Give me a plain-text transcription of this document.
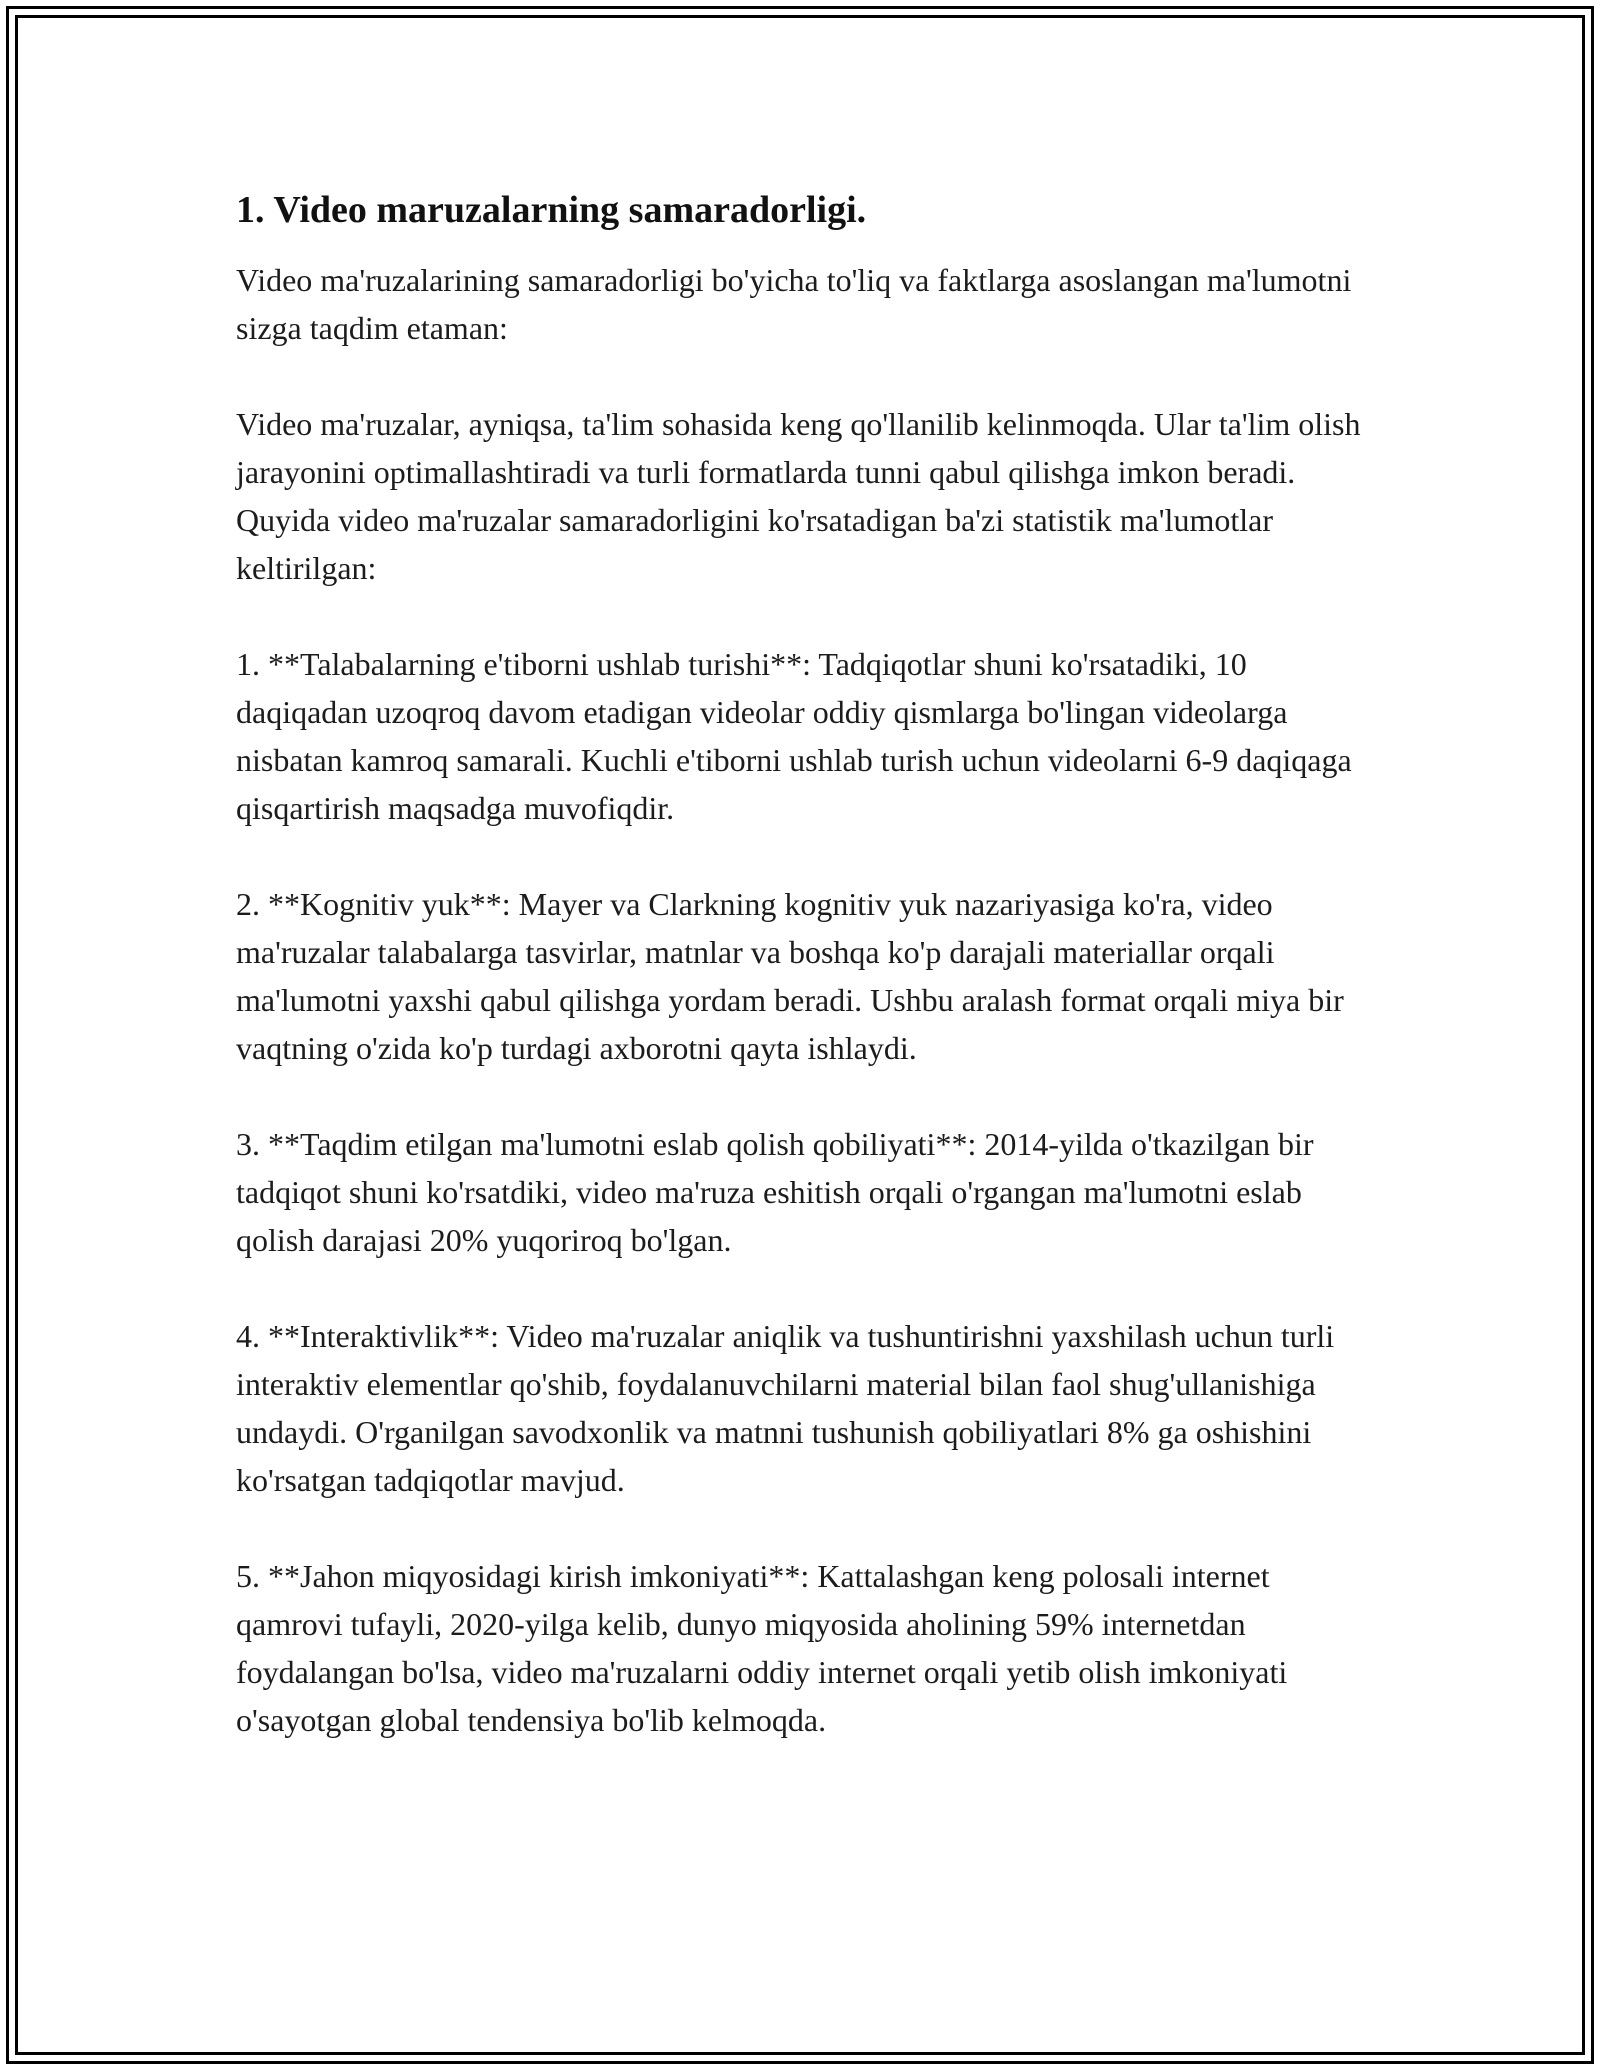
1. Video maruzalarning samaradorligi.

Video ma'ruzalarining samaradorligi bo'yicha to'liq va faktlarga asoslangan ma'lumotni sizga taqdim etaman:

Video ma'ruzalar, ayniqsa, ta'lim sohasida keng qo'llanilib kelinmoqda. Ular ta'lim olish jarayonini optimallashtiradi va turli formatlarda tunni qabul qilishga imkon beradi. Quyida video ma'ruzalar samaradorligini ko'rsatadigan ba'zi statistik ma'lumotlar keltirilgan:

1. **Talabalarning e'tiborni ushlab turishi**: Tadqiqotlar shuni ko'rsatadiki, 10 daqiqadan uzoqroq davom etadigan videolar oddiy qismlarga bo'lingan videolarga nisbatan kamroq samarali. Kuchli e'tiborni ushlab turish uchun videolarni 6-9 daqiqaga qisqartirish maqsadga muvofiqdir.

2. **Kognitiv yuk**: Mayer va Clarkning kognitiv yuk nazariyasiga ko'ra, video ma'ruzalar talabalarga tasvirlar, matnlar va boshqa ko'p darajali materiallar orqali ma'lumotni yaxshi qabul qilishga yordam beradi. Ushbu aralash format orqali miya bir vaqtning o'zida ko'p turdagi axborotni qayta ishlaydi.

3. **Taqdim etilgan ma'lumotni eslab qolish qobiliyati**: 2014-yilda o'tkazilgan bir tadqiqot shuni ko'rsatdiki, video ma'ruza eshitish orqali o'rgangan ma'lumotni eslab qolish darajasi 20% yuqoriroq bo'lgan.

4. **Interaktivlik**: Video ma'ruzalar aniqlik va tushuntirishni yaxshilash uchun turli interaktiv elementlar qo'shib, foydalanuvchilarni material bilan faol shug'ullanishiga undaydi. O'rganilgan savodxonlik va matnni tushunish qobiliyatlari 8% ga oshishini ko'rsatgan tadqiqotlar mavjud.

5. **Jahon miqyosidagi kirish imkoniyati**: Kattalashgan keng polosali internet qamrovi tufayli, 2020-yilga kelib, dunyo miqyosida aholining 59% internetdan foydalangan bo'lsa, video ma'ruzalarni oddiy internet orqali yetib olish imkoniyati o'sayotgan global tendensiya bo'lib kelmoqda.
